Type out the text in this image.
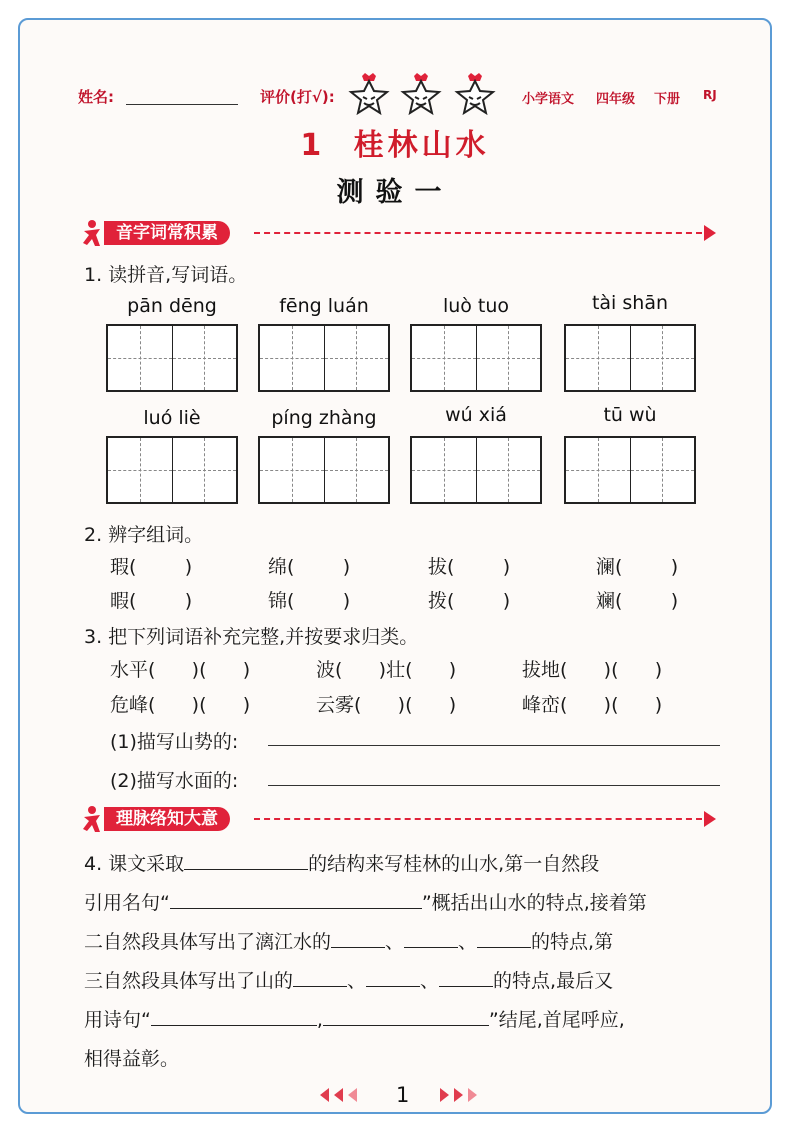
姓名:	评价(打√):	小学语文 四年级 下册 RJ
1 桂林山水
测验一
音字词常积累
1. 读拼音,写词语。
pān dēng	fēng luán	luò tuo	tài shān
luó liè	píng zhàng	wú xiá	tū wù
2. 辨字组词。
瑕(        )	绵(        )	拔(        )	澜(        )
暇(        )	锦(        )	拨(        )	斓(        )
3. 把下列词语补充完整,并按要求归类。
水平(      )(      )	波(      )壮(      )	拔地(      )(      )
危峰(      )(      )	云雾(      )(      )	峰峦(      )(      )
(1)描写山势的:
(2)描写水面的:
理脉络知大意
4. 课文采取	的结构来写桂林的山水,第一自然段
引用名句“	”概括出山水的特点,接着第
二自然段具体写出了漓江水的	、	、	的特点,第
三自然段具体写出了山的	、	、	的特点,最后又
用诗句“	,	”结尾,首尾呼应,
相得益彰。
1
